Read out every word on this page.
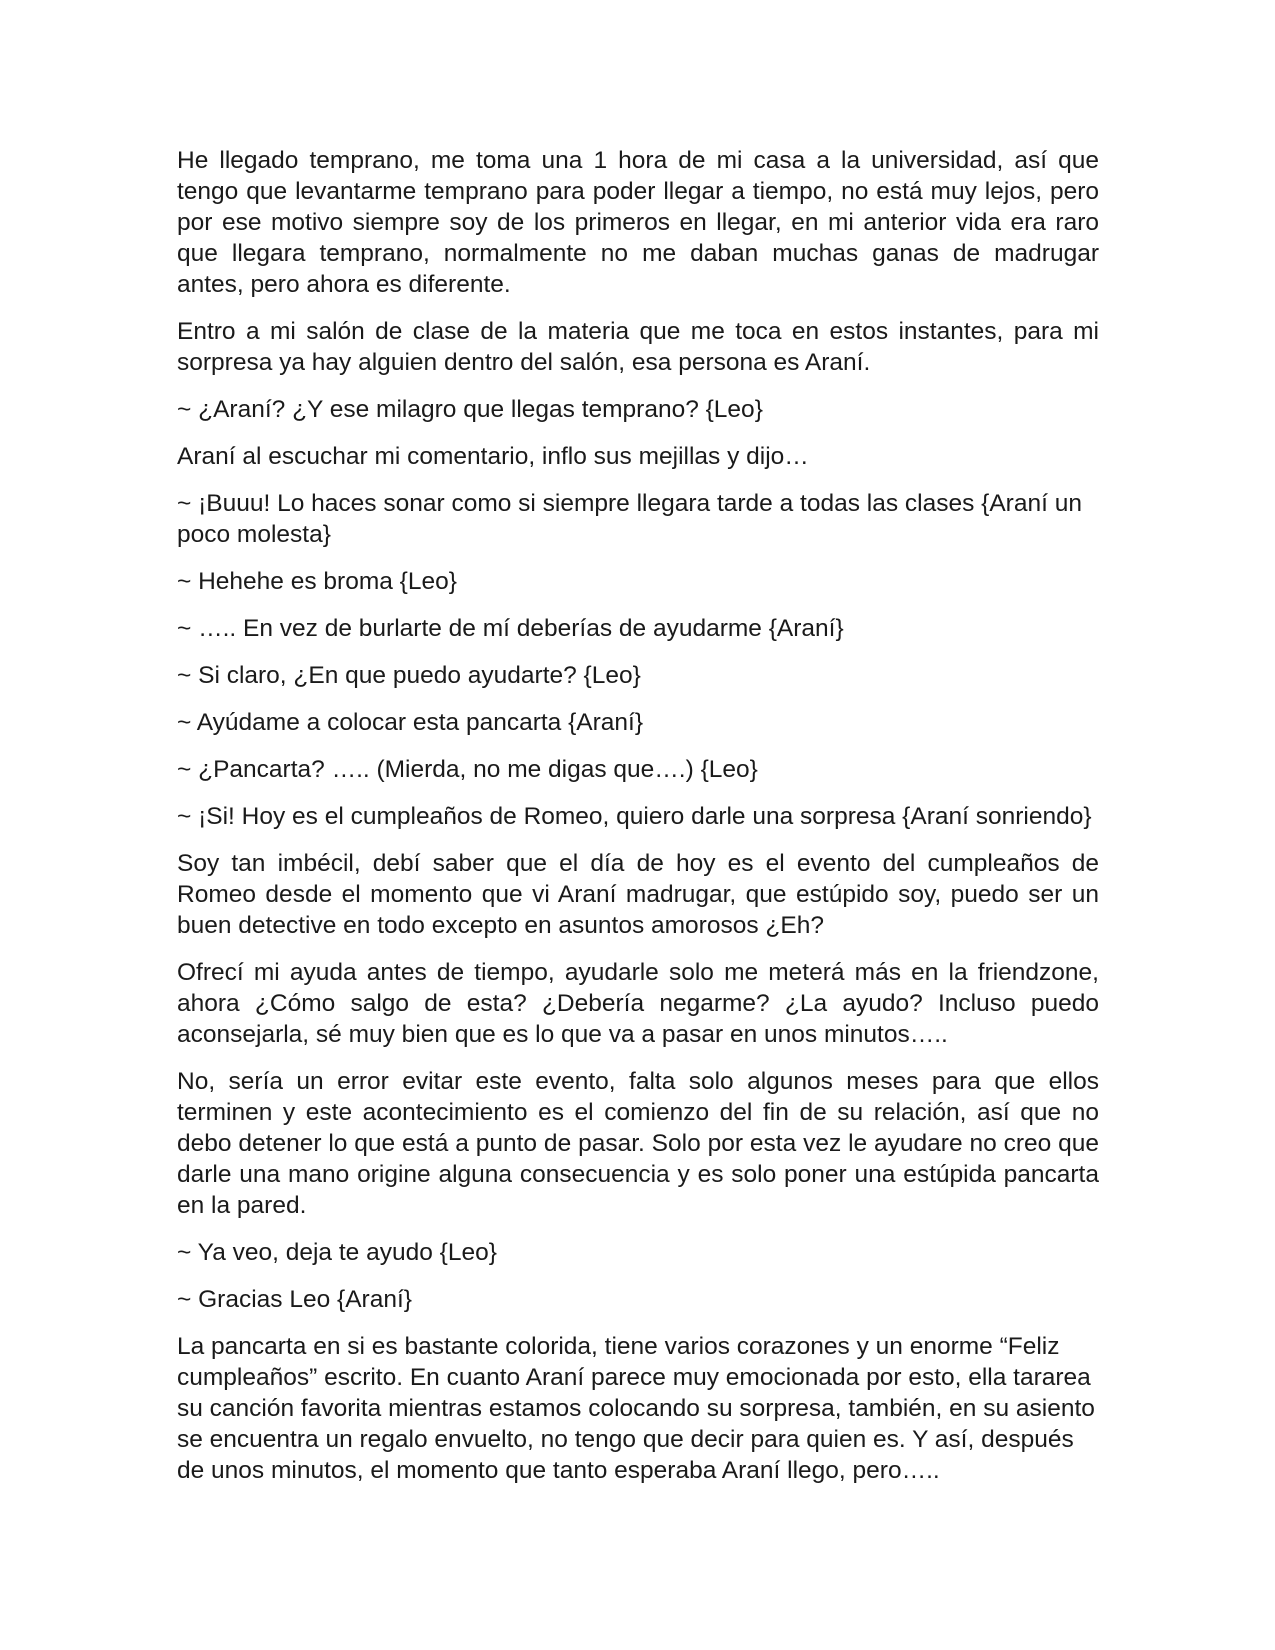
He llegado temprano, me toma una 1 hora de mi casa a la universidad, así que tengo que levantarme temprano para poder llegar a tiempo, no está muy lejos, pero por ese motivo siempre soy de los primeros en llegar, en mi anterior vida era raro que llegara temprano, normalmente no me daban muchas ganas de madrugar antes, pero ahora es diferente.

Entro a mi salón de clase de la materia que me toca en estos instantes, para mi sorpresa ya hay alguien dentro del salón, esa persona es Araní.

~ ¿Araní? ¿Y ese milagro que llegas temprano? {Leo}

Araní al escuchar mi comentario, inflo sus mejillas y dijo…

~ ¡Buuu! Lo haces sonar como si siempre llegara tarde a todas las clases {Araní un poco molesta}

~ Hehehe es broma {Leo}

~ ….. En vez de burlarte de mí deberías de ayudarme {Araní}

~ Si claro, ¿En que puedo ayudarte? {Leo}

~ Ayúdame a colocar esta pancarta {Araní}

~ ¿Pancarta? ….. (Mierda, no me digas que….) {Leo}

~ ¡Si! Hoy es el cumpleaños de Romeo, quiero darle una sorpresa {Araní sonriendo}

Soy tan imbécil, debí saber que el día de hoy es el evento del cumpleaños de Romeo desde el momento que vi Araní madrugar, que estúpido soy, puedo ser un buen detective en todo excepto en asuntos amorosos ¿Eh?

Ofrecí mi ayuda antes de tiempo, ayudarle solo me meterá más en la friendzone, ahora ¿Cómo salgo de esta? ¿Debería negarme? ¿La ayudo? Incluso puedo aconsejarla, sé muy bien que es lo que va a pasar en unos minutos…..

No, sería un error evitar este evento, falta solo algunos meses para que ellos terminen y este acontecimiento es el comienzo del fin de su relación, así que no debo detener lo que está a punto de pasar. Solo por esta vez le ayudare no creo que darle una mano origine alguna consecuencia y es solo poner una estúpida pancarta en la pared.

~ Ya veo, deja te ayudo {Leo}

~ Gracias Leo {Araní}

La pancarta en si es bastante colorida, tiene varios corazones y un enorme “Feliz cumpleaños” escrito. En cuanto Araní parece muy emocionada por esto, ella tararea su canción favorita mientras estamos colocando su sorpresa, también, en su asiento se encuentra un regalo envuelto, no tengo que decir para quien es. Y así, después de unos minutos, el momento que tanto esperaba Araní llego, pero…..
